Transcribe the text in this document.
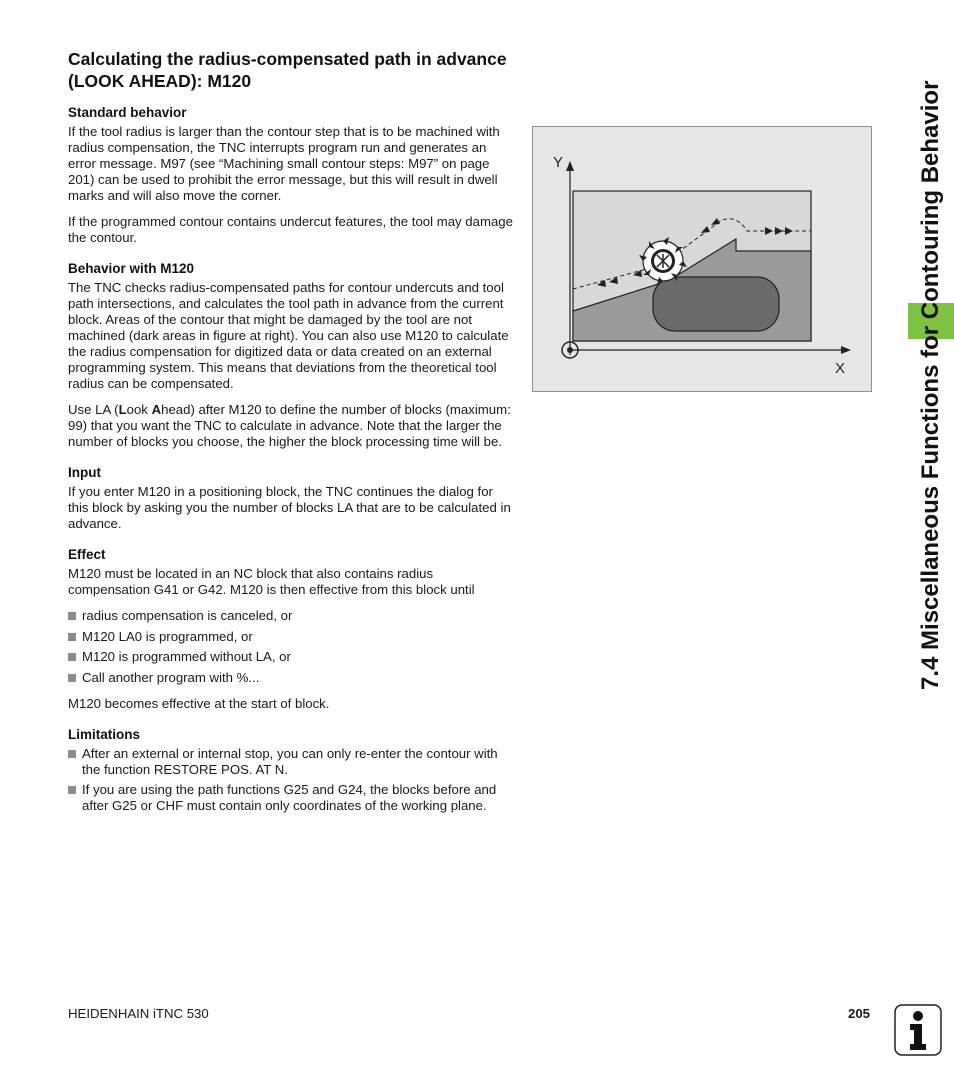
Calculating the radius-compensated path in advance (LOOK AHEAD): M120
Standard behavior

If the tool radius is larger than the contour step that is to be machined with radius compensation, the TNC interrupts program run and generates an error message. M97 (see “Machining small contour steps: M97” on page 201) can be used to prohibit the error message, but this will result in dwell marks and will also move the corner.

If the programmed contour contains undercut features, the tool may damage the contour.

Behavior with M120

The TNC checks radius-compensated paths for contour undercuts and tool path intersections, and calculates the tool path in advance from the current block. Areas of the contour that might be damaged by the tool are not machined (dark areas in figure at right). You can also use M120 to calculate the radius compensation for digitized data or data created on an external programming system. This means that deviations from the theoretical tool radius can be compensated.

Use LA (Look Ahead) after M120 to define the number of blocks (maximum: 99) that you want the TNC to calculate in advance. Note that the larger the number of blocks you choose, the higher the block processing time will be.

Input

If you enter M120 in a positioning block, the TNC continues the dialog for this block by asking you the number of blocks LA that are to be calculated in advance.

Effect

M120 must be located in an NC block that also contains radius compensation G41 or G42. M120 is then effective from this block until

radius compensation is canceled, or
M120 LA0 is programmed, or
M120 is programmed without LA, or
Call another program with %...

M120 becomes effective at the start of block.

Limitations
After an external or internal stop, you can only re-enter the contour with the function RESTORE POS. AT N.
If you are using the path functions G25 and G24, the blocks before and after G25 or CHF must contain only coordinates of the working plane.
Y
X	7.4 Miscellaneous Functions for Contouring Behavior
HEIDENHAIN iTNC 530	205
